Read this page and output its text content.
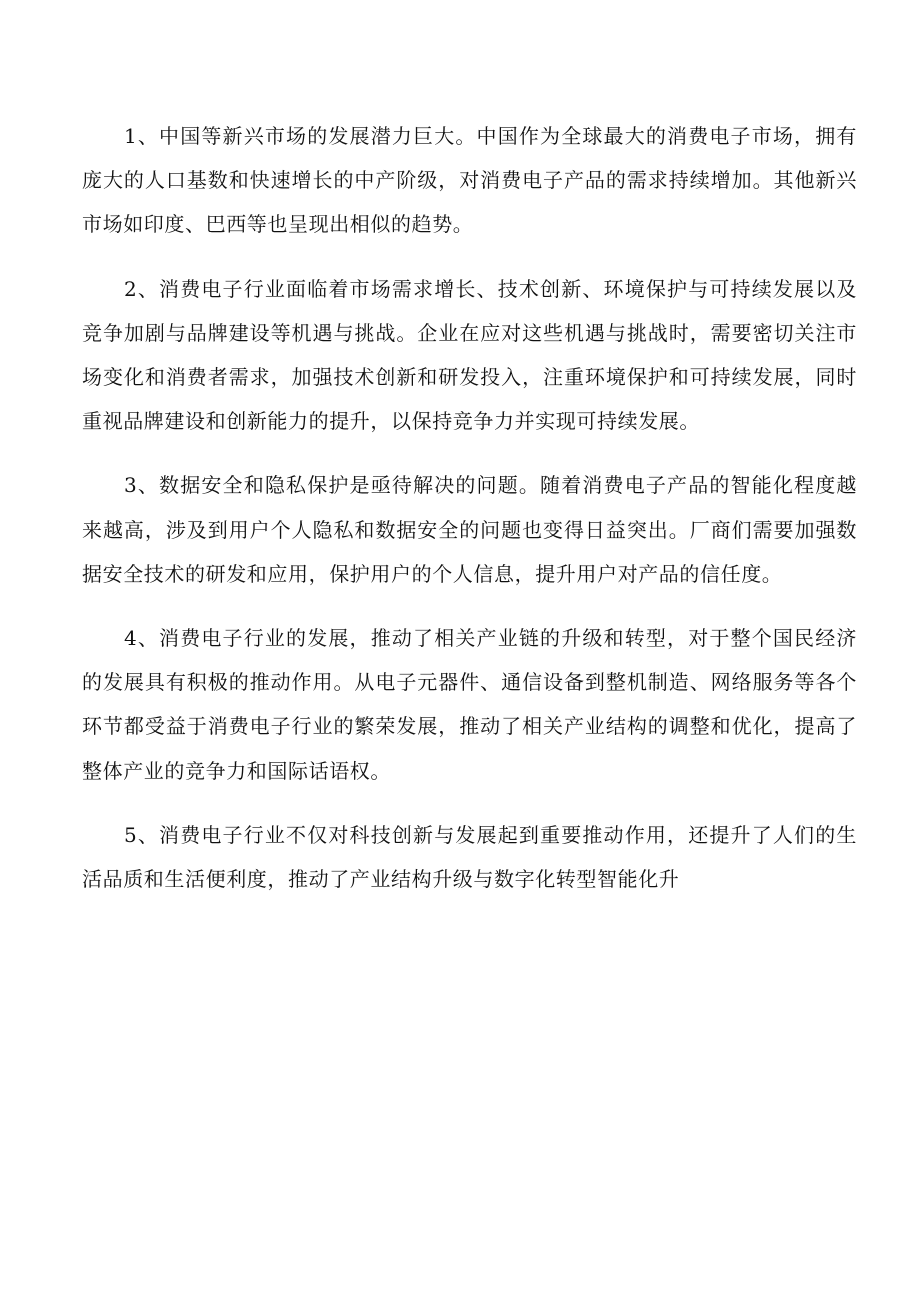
1、中国等新兴市场的发展潜力巨大。中国作为全球最大的消费电子市场，拥有庞大的人口基数和快速增长的中产阶级，对消费电子产品的需求持续增加。其他新兴市场如印度、巴西等也呈现出相似的趋势。

2、消费电子行业面临着市场需求增长、技术创新、环境保护与可持续发展以及竞争加剧与品牌建设等机遇与挑战。企业在应对这些机遇与挑战时，需要密切关注市场变化和消费者需求，加强技术创新和研发投入，注重环境保护和可持续发展，同时重视品牌建设和创新能力的提升，以保持竞争力并实现可持续发展。

3、数据安全和隐私保护是亟待解决的问题。随着消费电子产品的智能化程度越来越高，涉及到用户个人隐私和数据安全的问题也变得日益突出。厂商们需要加强数据安全技术的研发和应用，保护用户的个人信息，提升用户对产品的信任度。

4、消费电子行业的发展，推动了相关产业链的升级和转型，对于整个国民经济的发展具有积极的推动作用。从电子元器件、通信设备到整机制造、网络服务等各个环节都受益于消费电子行业的繁荣发展，推动了相关产业结构的调整和优化，提高了整体产业的竞争力和国际话语权。

5、消费电子行业不仅对科技创新与发展起到重要推动作用，还提升了人们的生活品质和生活便利度，推动了产业结构升级与数字化转型智能化升
